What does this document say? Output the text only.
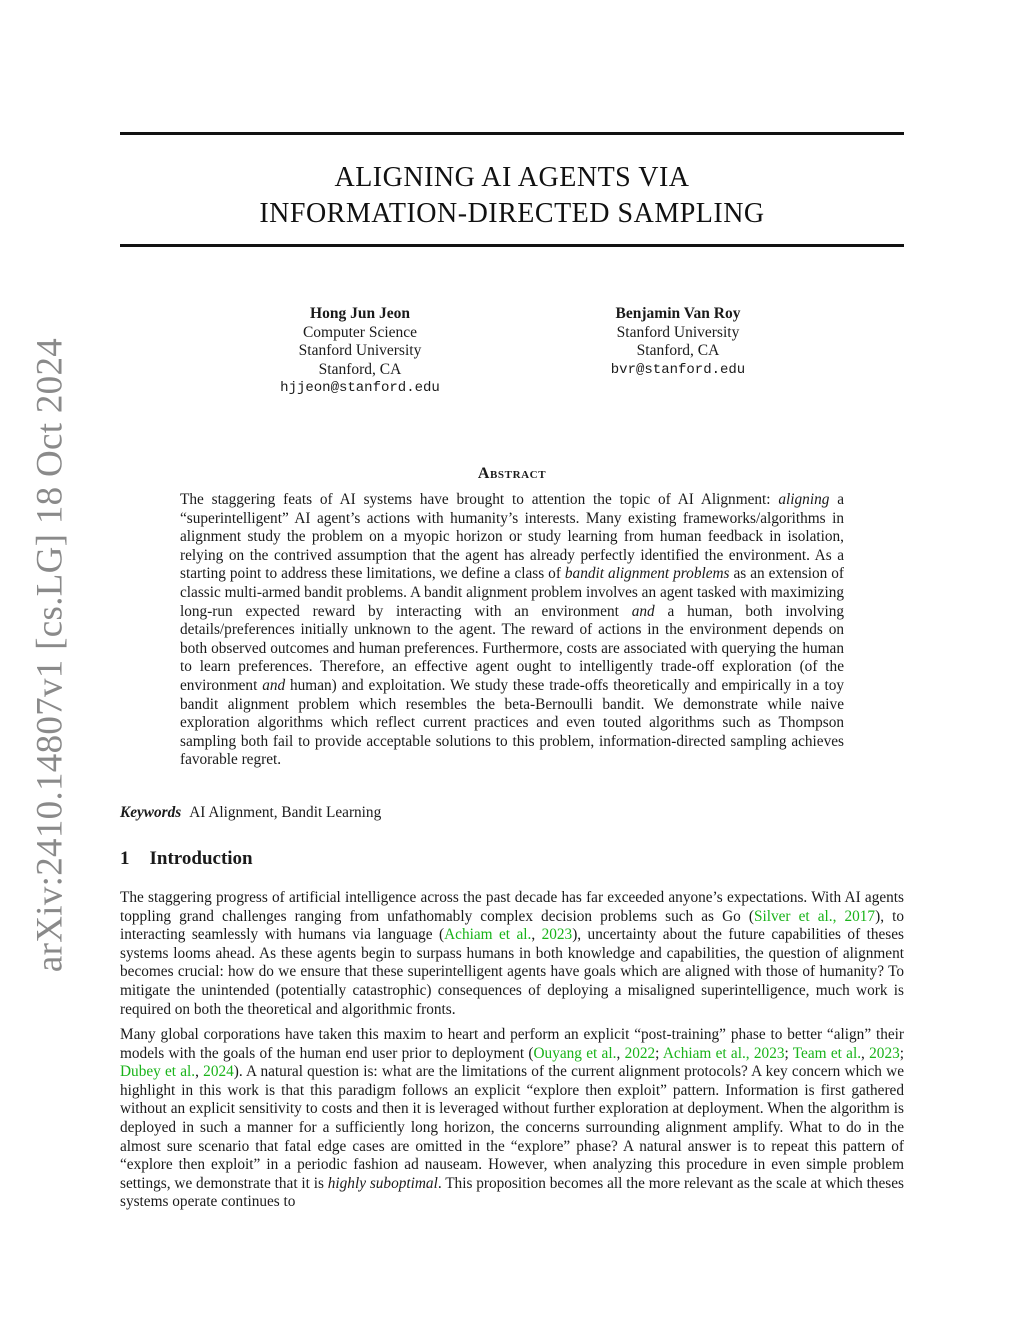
arXiv:2410.14807v1 [cs.LG] 18 Oct 2024
ALIGNING AI AGENTS VIA
INFORMATION-DIRECTED SAMPLING
Hong Jun Jeon
Computer Science
Stanford University
Stanford, CA
hjjeon@stanford.edu
Benjamin Van Roy
Stanford University
Stanford, CA
bvr@stanford.edu
Abstract

The staggering feats of AI systems have brought to attention the topic of AI Alignment: aligning a “superintelligent” AI agent’s actions with humanity’s interests. Many existing frameworks/algorithms in alignment study the problem on a myopic horizon or study learning from human feedback in isolation, relying on the contrived assumption that the agent has already perfectly identified the environment. As a starting point to address these limitations, we define a class of bandit alignment problems as an extension of classic multi-armed bandit problems. A bandit alignment problem involves an agent tasked with maximizing long-run expected reward by interacting with an environment and a human, both involving details/preferences initially unknown to the agent. The reward of actions in the environment depends on both observed outcomes and human preferences. Furthermore, costs are associated with querying the human to learn preferences. Therefore, an effective agent ought to intelligently trade-off exploration (of the environment and human) and exploitation. We study these trade-offs theoretically and empirically in a toy bandit alignment problem which resembles the beta-Bernoulli bandit. We demonstrate while naive exploration algorithms which reflect current practices and even touted algorithms such as Thompson sampling both fail to provide acceptable solutions to this problem, information-directed sampling achieves favorable regret.

Keywords AI Alignment, Bandit Learning
1 Introduction

The staggering progress of artificial intelligence across the past decade has far exceeded anyone’s expectations. With AI agents toppling grand challenges ranging from unfathomably complex decision problems such as Go (Silver et al., 2017), to interacting seamlessly with humans via language (Achiam et al., 2023), uncertainty about the future capabilities of theses systems looms ahead. As these agents begin to surpass humans in both knowledge and capabilities, the question of alignment becomes crucial: how do we ensure that these superintelligent agents have goals which are aligned with those of humanity? To mitigate the unintended (potentially catastrophic) consequences of deploying a misaligned superintelligence, much work is required on both the theoretical and algorithmic fronts.

Many global corporations have taken this maxim to heart and perform an explicit “post-training” phase to better “align” their models with the goals of the human end user prior to deployment (Ouyang et al., 2022; Achiam et al., 2023; Team et al., 2023; Dubey et al., 2024). A natural question is: what are the limitations of the current alignment protocols? A key concern which we highlight in this work is that this paradigm follows an explicit “explore then exploit” pattern. Information is first gathered without an explicit sensitivity to costs and then it is leveraged without further exploration at deployment. When the algorithm is deployed in such a manner for a sufficiently long horizon, the concerns surrounding alignment amplify. What to do in the almost sure scenario that fatal edge cases are omitted in the “explore” phase? A natural answer is to repeat this pattern of “explore then exploit” in a periodic fashion ad nauseam. However, when analyzing this procedure in even simple problem settings, we demonstrate that it is highly suboptimal. This proposition becomes all the more relevant as the scale at which theses systems operate continues to
